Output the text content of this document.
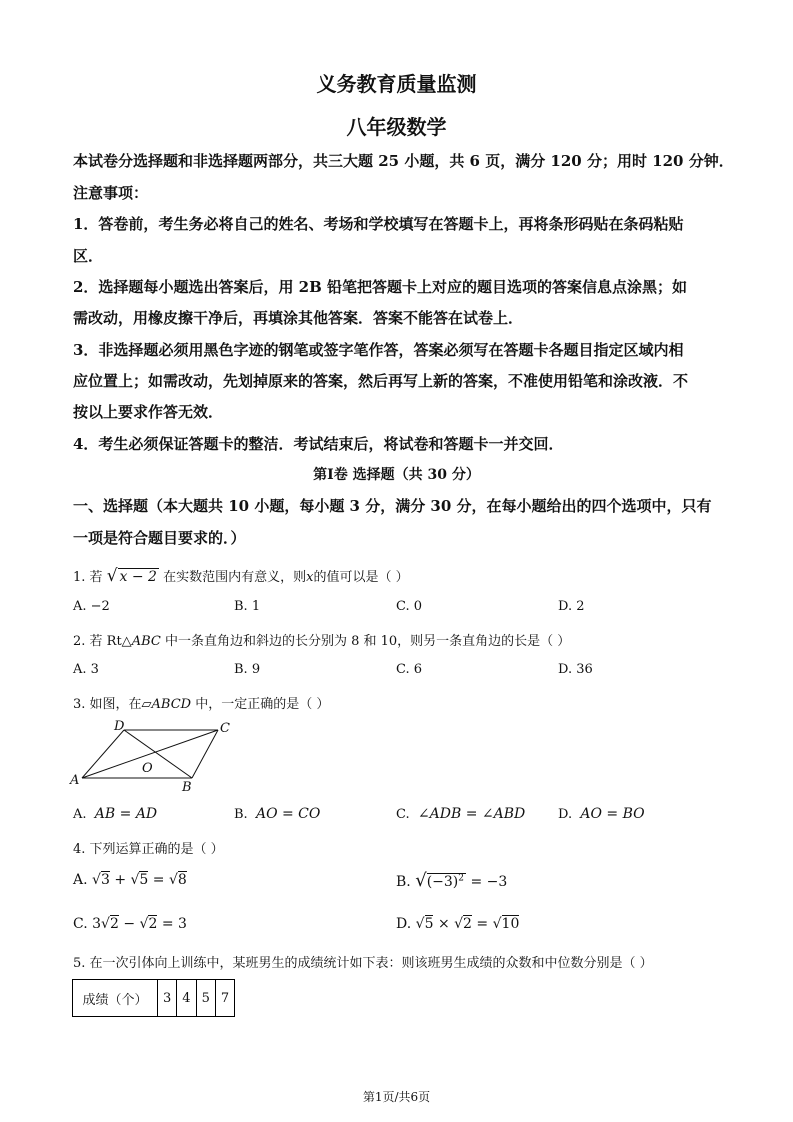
义务教育质量监测
八年级数学
本试卷分选择题和非选择题两部分，共三大题 25 小题，共 6 页，满分 120 分；用时 120 分钟．
注意事项：
1．答卷前，考生务必将自己的姓名、考场和学校填写在答题卡上，再将条形码贴在条码粘贴
区．
2．选择题每小题选出答案后，用 2B 铅笔把答题卡上对应的题目选项的答案信息点涂黑；如
需改动，用橡皮擦干净后，再填涂其他答案．答案不能答在试卷上．
3．非选择题必须用黑色字迹的钢笔或签字笔作答，答案必须写在答题卡各题目指定区域内相
应位置上；如需改动，先划掉原来的答案，然后再写上新的答案，不准使用铅笔和涂改液．不
按以上要求作答无效．
4．考生必须保证答题卡的整洁．考试结束后，将试卷和答题卡一并交回．
第Ⅰ卷 选择题（共 30 分）
一、选择题（本大题共 10 小题，每小题 3 分，满分 30 分，在每小题给出的四个选项中，只有
一项是符合题目要求的．）
1. 若 √ x − 2 在实数范围内有意义，则x的值可以是（ ）
A. −2	B. 1	C. 0	D. 2
2. 若 Rt△ABC 中一条直角边和斜边的长分别为 8 和 10，则另一条直角边的长是（ ）
A. 3	B. 9	C. 6	D. 36
3. 如图，在▱ABCD 中，一定正确的是（ ）
A	B
C
D
O
A. AB = AD	B. AO = CO	C. ∠ADB = ∠ABD	D. AO = BO
4. 下列运算正确的是（ ）
A. √3 + √5 = √8	B. $√(-3)^2 = -3$
C. 3√2 − √2 = 3	D. √5 × √2 = √10
5. 在一次引体向上训练中，某班男生的成绩统计如下表：则该班男生成绩的众数和中位数分别是（ ）
成绩（个）	3	4	5	7
第1页/共6页
